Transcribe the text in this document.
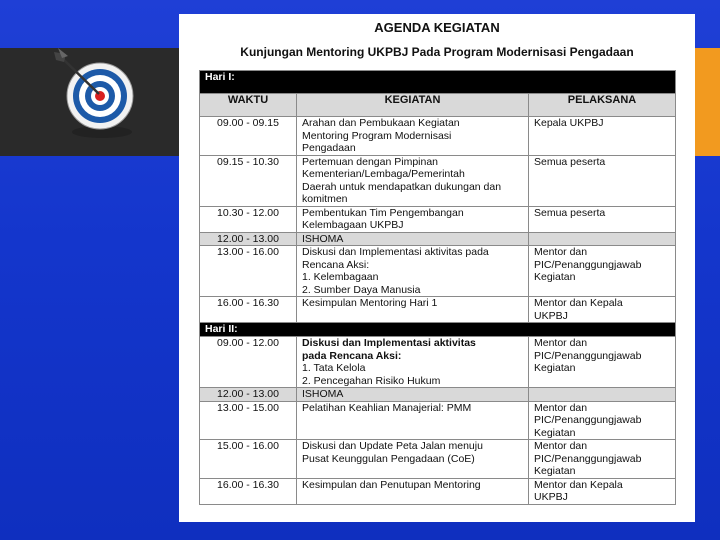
AGENDA KEGIATAN
Kunjungan Mentoring UKPBJ Pada Program Modernisasi Pengadaan
Hari I:		
WAKTU	KEGIATAN	PELAKSANA
09.00 - 09.15	Arahan dan Pembukaan Kegiatan
Mentoring Program Modernisasi
Pengadaan	Kepala UKPBJ

09.15 - 10.30	Pertemuan dengan Pimpinan
Kementerian/Lembaga/Pemerintah
Daerah untuk mendapatkan dukungan dan
komitmen	Semua peserta

10.30 - 12.00	Pembentukan Tim Pengembangan
Kelembagaan UKPBJ	Semua peserta

12.00 - 13.00	ISHOMA	

13.00 - 16.00	Diskusi dan Implementasi aktivitas pada
Rencana Aksi:
1. Kelembagaan
2. Sumber Daya Manusia	Mentor dan
PIC/Penanggungjawab
Kegiatan

16.00 - 16.30	Kesimpulan Mentoring Hari 1	Mentor dan Kepala
UKPBJ

Hari II:		
09.00 - 12.00	Diskusi dan Implementasi aktivitas
pada Rencana Aksi:
1. Tata Kelola
2. Pencegahan Risiko Hukum	Mentor dan
PIC/Penanggungjawab
Kegiatan

12.00 - 13.00	ISHOMA	

13.00 - 15.00	Pelatihan Keahlian Manajerial: PMM	Mentor dan
PIC/Penanggungjawab
Kegiatan

15.00 - 16.00	Diskusi dan Update Peta Jalan menuju
Pusat Keunggulan Pengadaan (CoE)	Mentor dan
PIC/Penanggungjawab
Kegiatan

16.00 - 16.30	Kesimpulan dan Penutupan Mentoring	Mentor dan Kepala
UKPBJ
